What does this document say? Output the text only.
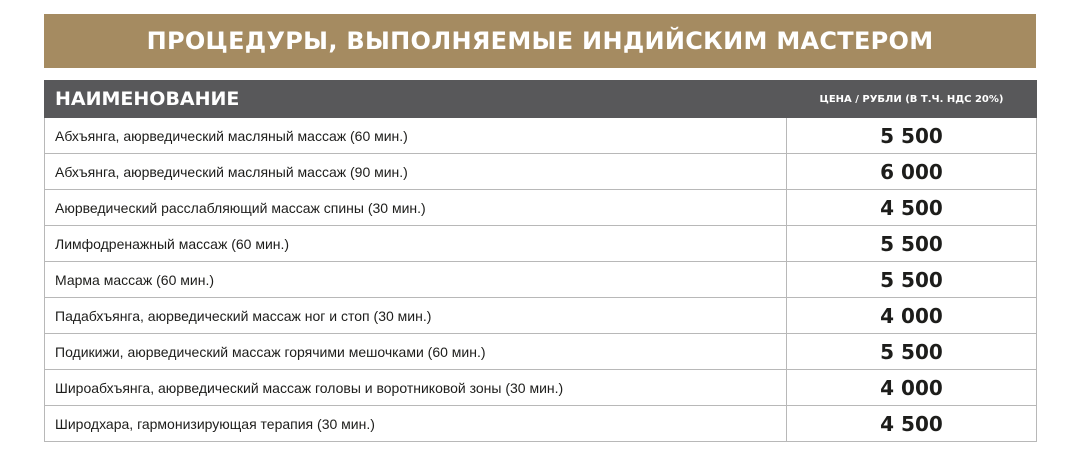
ПРОЦЕДУРЫ, ВЫПОЛНЯЕМЫЕ ИНДИЙСКИМ МАСТЕРОМ
НАИМЕНОВАНИЕ	ЦЕНА / РУБЛИ (В Т.Ч. НДС 20%)
Абхъянга, аюрведический масляный массаж (60 мин.)	5 500
Абхъянга, аюрведический масляный массаж (90 мин.)	6 000
Аюрведический расслабляющий массаж спины (30 мин.)	4 500
Лимфодренажный массаж (60 мин.)	5 500
Марма массаж (60 мин.)	5 500
Падабхъянга, аюрведический массаж ног и стоп (30 мин.)	4 000
Подикижи, аюрведический массаж горячими мешочками (60 мин.)	5 500
Широабхъянга, аюрведический массаж головы и воротниковой зоны (30 мин.)	4 000
Широдхара, гармонизирующая терапия (30 мин.)	4 500
